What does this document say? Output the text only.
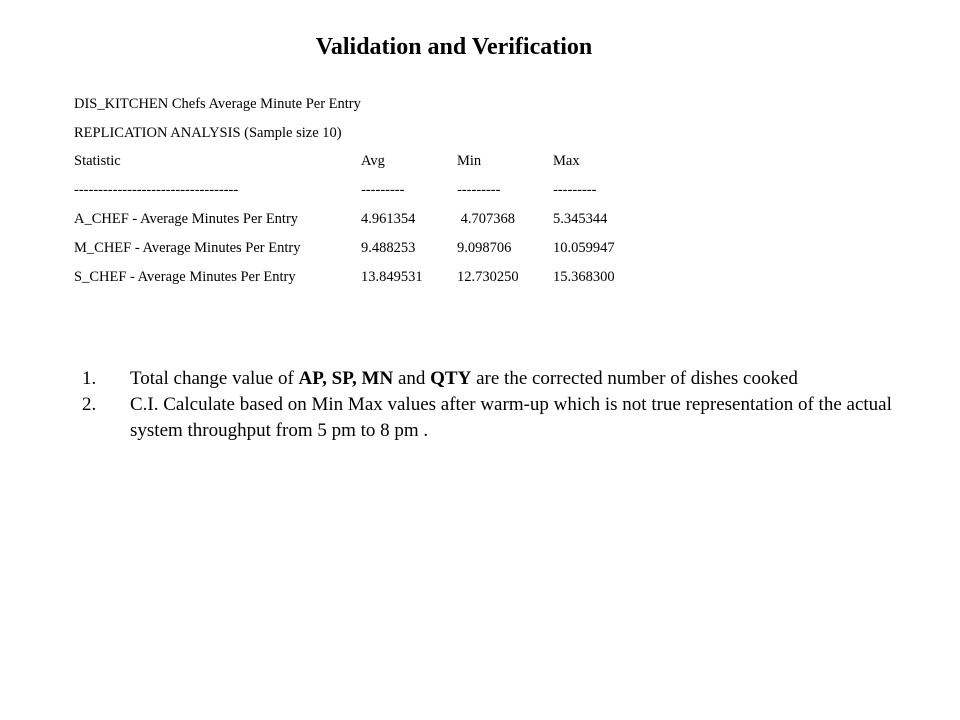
Validation and Verification
DIS_KITCHEN Chefs Average Minute Per Entry
REPLICATION ANALYSIS (Sample size 10)
Statistic	Avg	Min	Max
----------------------------------	---------	---------	---------
A_CHEF - Average Minutes Per Entry	4.961354	4.707368	5.345344
M_CHEF - Average Minutes Per Entry	9.488253	9.098706	10.059947
S_CHEF - Average Minutes Per Entry	13.849531 12.730250 15.368300
1.	Total change value of AP, SP, MN and QTY are the corrected number of dishes cooked
2.	C.I. Calculate based on Min Max values after warm-up which is not true representation of the actual system throughput from 5 pm to 8 pm .
